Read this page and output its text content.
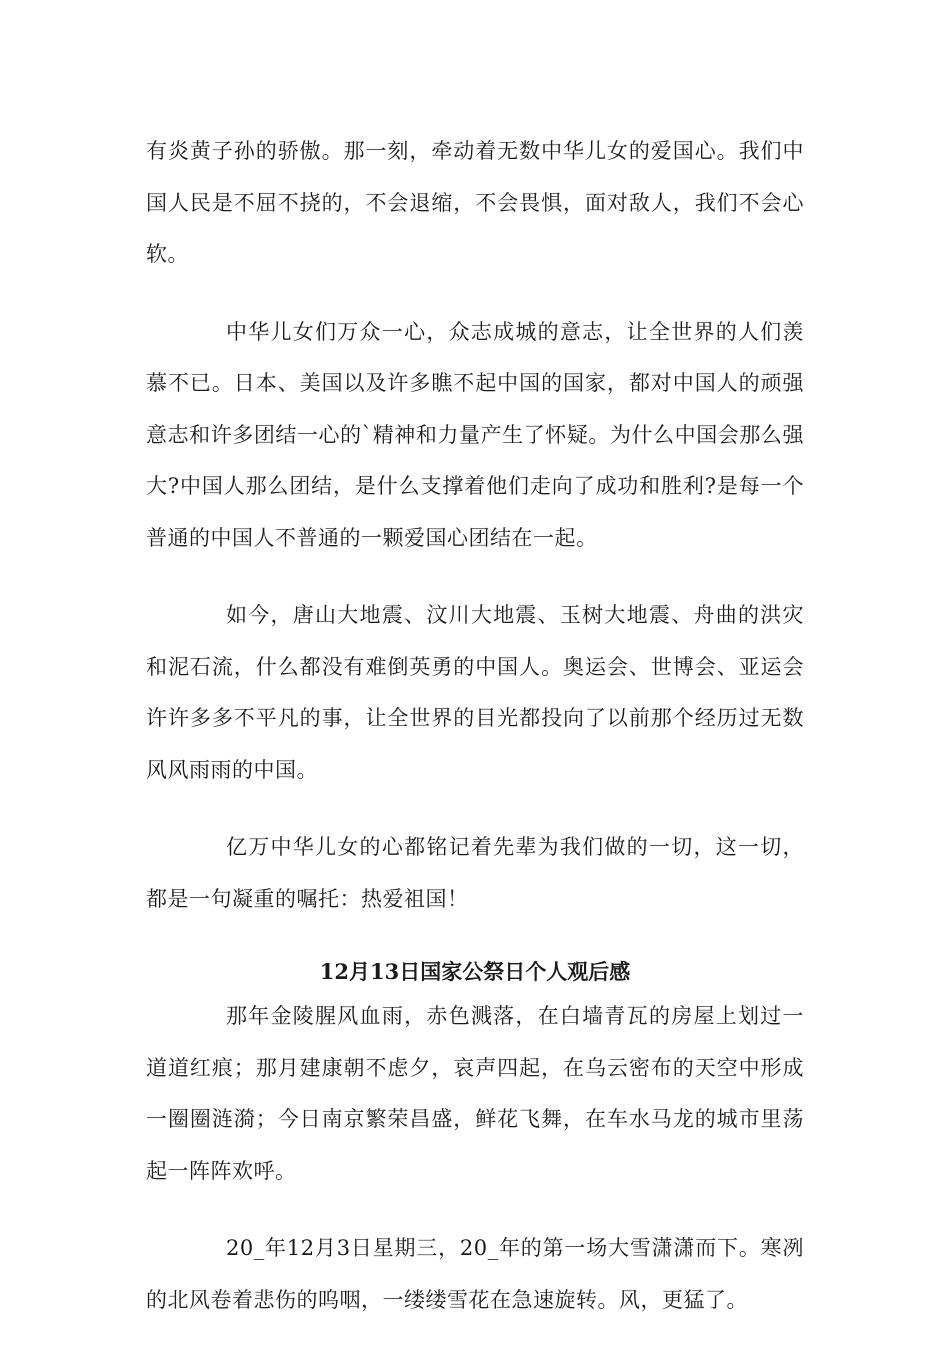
有炎黄子孙的骄傲。那一刻，牵动着无数中华儿女的爱国心。我们中国人民是不屈不挠的，不会退缩，不会畏惧，面对敌人，我们不会心软。

中华儿女们万众一心，众志成城的意志，让全世界的人们羡慕不已。日本、美国以及许多瞧不起中国的国家，都对中国人的顽强意志和许多团结一心的`精神和力量产生了怀疑。为什么中国会那么强大?中国人那么团结，是什么支撑着他们走向了成功和胜利?是每一个普通的中国人不普通的一颗爱国心团结在一起。

如今，唐山大地震、汶川大地震、玉树大地震、舟曲的洪灾和泥石流，什么都没有难倒英勇的中国人。奥运会、世博会、亚运会许许多多不平凡的事，让全世界的目光都投向了以前那个经历过无数风风雨雨的中国。

亿万中华儿女的心都铭记着先辈为我们做的一切，这一切，都是一句凝重的嘱托：热爱祖国！

12月13日国家公祭日个人观后感

那年金陵腥风血雨，赤色溅落，在白墙青瓦的房屋上划过一道道红痕；那月建康朝不虑夕，哀声四起，在乌云密布的天空中形成一圈圈涟漪；今日南京繁荣昌盛，鲜花飞舞，在车水马龙的城市里荡起一阵阵欢呼。

20_年12月3日星期三，20_年的第一场大雪潇潇而下。寒冽的北风卷着悲伤的呜咽，一缕缕雪花在急速旋转。风，更猛了。
